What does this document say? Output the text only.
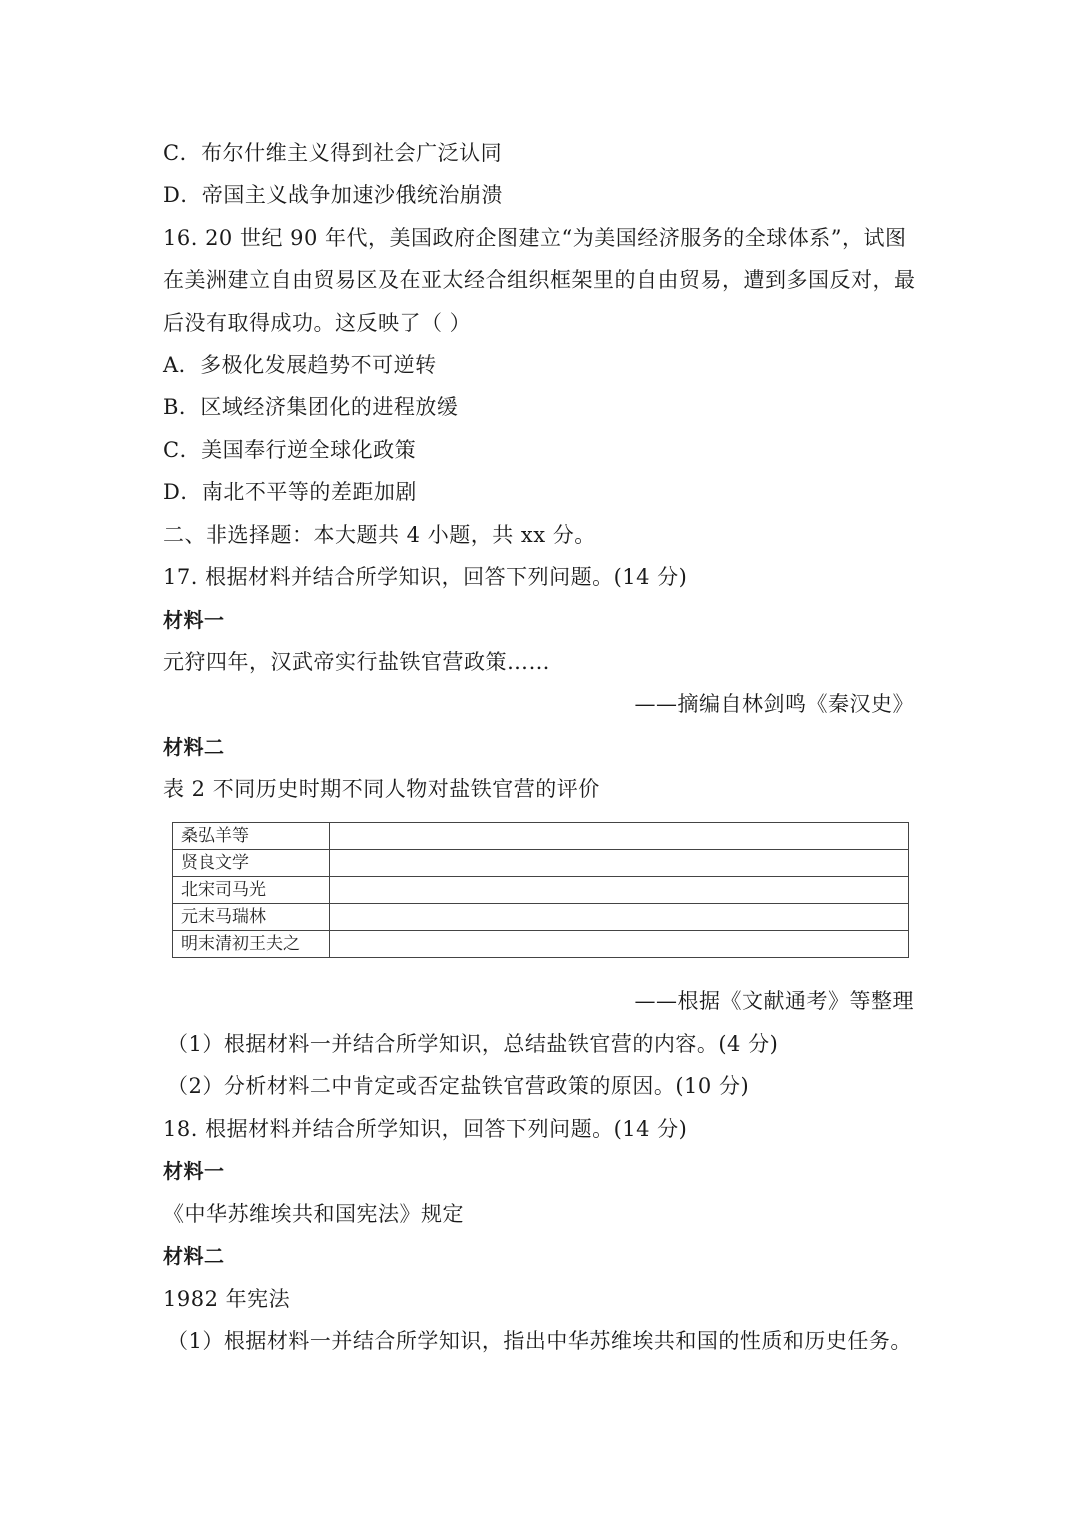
C．布尔什维主义得到社会广泛认同
D．帝国主义战争加速沙俄统治崩溃
16. 20 世纪 90 年代，美国政府企图建立“为美国经济服务的全球体系”，试图
在美洲建立自由贸易区及在亚太经合组织框架里的自由贸易，遭到多国反对，最
后没有取得成功。这反映了（ ）
A．多极化发展趋势不可逆转
B．区域经济集团化的进程放缓
C．美国奉行逆全球化政策
D．南北不平等的差距加剧
二、非选择题：本大题共 4 小题，共 xx 分。
17. 根据材料并结合所学知识，回答下列问题。(14 分)
材料一
元狩四年，汉武帝实行盐铁官营政策……
——摘编自林剑鸣《秦汉史》
材料二
表 2 不同历史时期不同人物对盐铁官营的评价
桑弘羊等	
贤良文学	
北宋司马光	
元末马瑞林	
明末清初王夫之	
——根据《文献通考》等整理
（1）根据材料一并结合所学知识，总结盐铁官营的内容。(4 分)
（2）分析材料二中肯定或否定盐铁官营政策的原因。(10 分)
18. 根据材料并结合所学知识，回答下列问题。(14 分)
材料一
《中华苏维埃共和国宪法》规定
材料二
1982 年宪法
（1）根据材料一并结合所学知识，指出中华苏维埃共和国的性质和历史任务。
